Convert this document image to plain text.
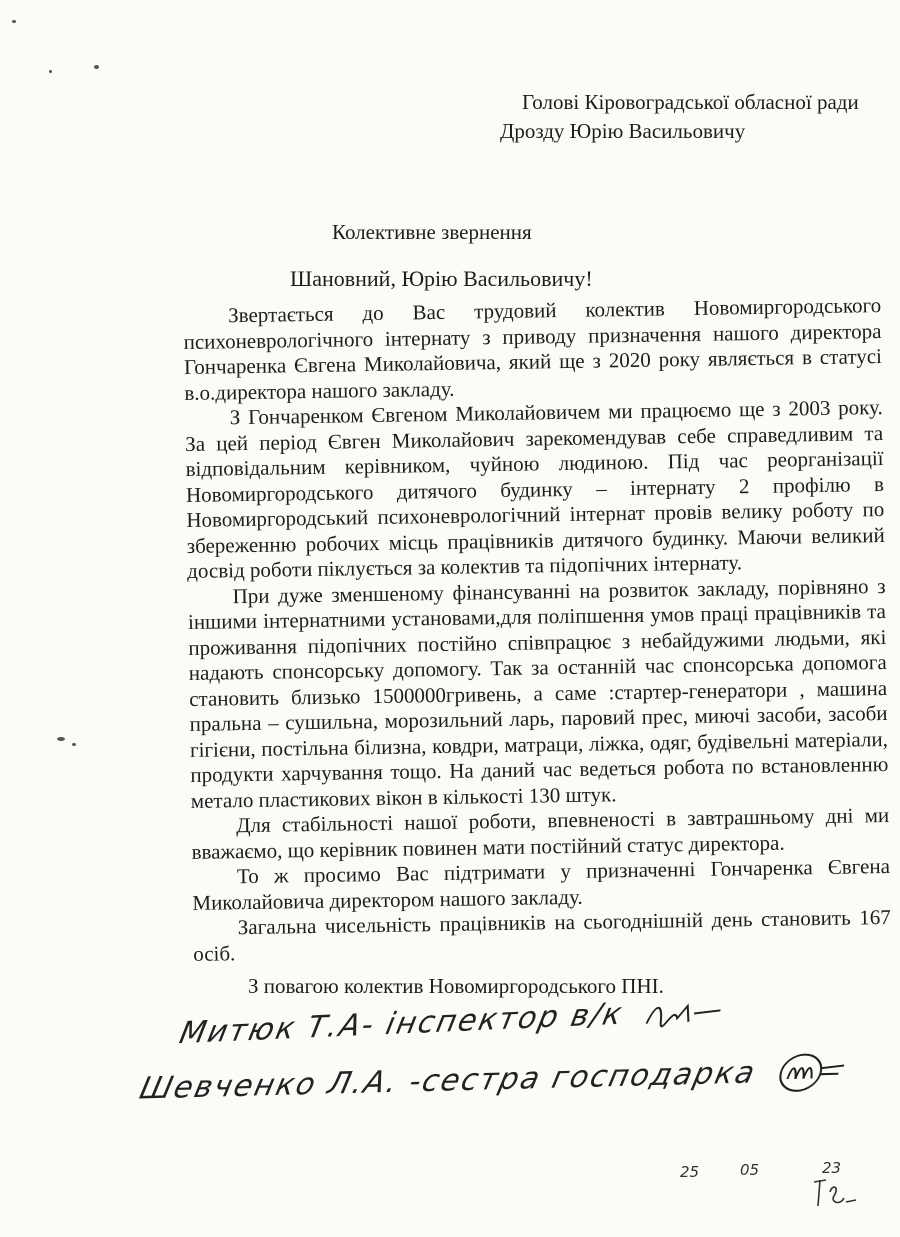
Голові Кіровоградської обласної ради
Дрозду Юрію Васильовичу
Колективне звернення
Шановний, Юрію Васильовичу!

Звертається до Вас трудовий колектив Новомиргородського психоневрологічного інтернату з приводу призначення нашого директора Гончаренка Євгена Миколайовича, який ще з 2020 року являється в статусі в.о.директора нашого закладу.

З Гончаренком Євгеном Миколайовичем ми працюємо ще з 2003 року. За цей період Євген Миколайович зарекомендував себе справедливим та відповідальним керівником, чуйною людиною. Під час реорганізації Новомиргородського дитячого будинку – інтернату 2 профілю в Новомиргородський психоневрологічний інтернат провів велику роботу по збереженню робочих місць працівників дитячого будинку. Маючи великий досвід роботи піклується за колектив та підопічних інтернату.

При дуже зменшеному фінансуванні на розвиток закладу, порівняно з іншими інтернатними установами,для поліпшення умов праці працівників та проживання підопічних постійно співпрацює з небайдужими людьми, які надають спонсорську допомогу. Так за останній час спонсорська допомога становить близько 1500000гривень, а саме :стартер-генератори , машина пральна – сушильна, морозильний ларь, паровий прес, миючі засоби, засоби гігієни, постільна білизна, ковдри, матраци, ліжка, одяг, будівельні матеріали, продукти харчування тощо. На даний час ведеться робота по встановленню метало пластикових вікон в кількості 130 штук.

Для стабільності нашої роботи, впевненості в завтрашньому дні ми вважаємо, що керівник повинен мати постійний статус директора.

То ж просимо Вас підтримати у призначенні Гончаренка Євгена Миколайовича директором нашого закладу.

Загальна чисельність працівників на сьогоднішній день становить 167 осіб.

З повагою колектив Новомиргородського ПНІ.
Митюк Т.А- інспектор в/к
Шевченко Л.А. -сестра господарка
25	05	23
